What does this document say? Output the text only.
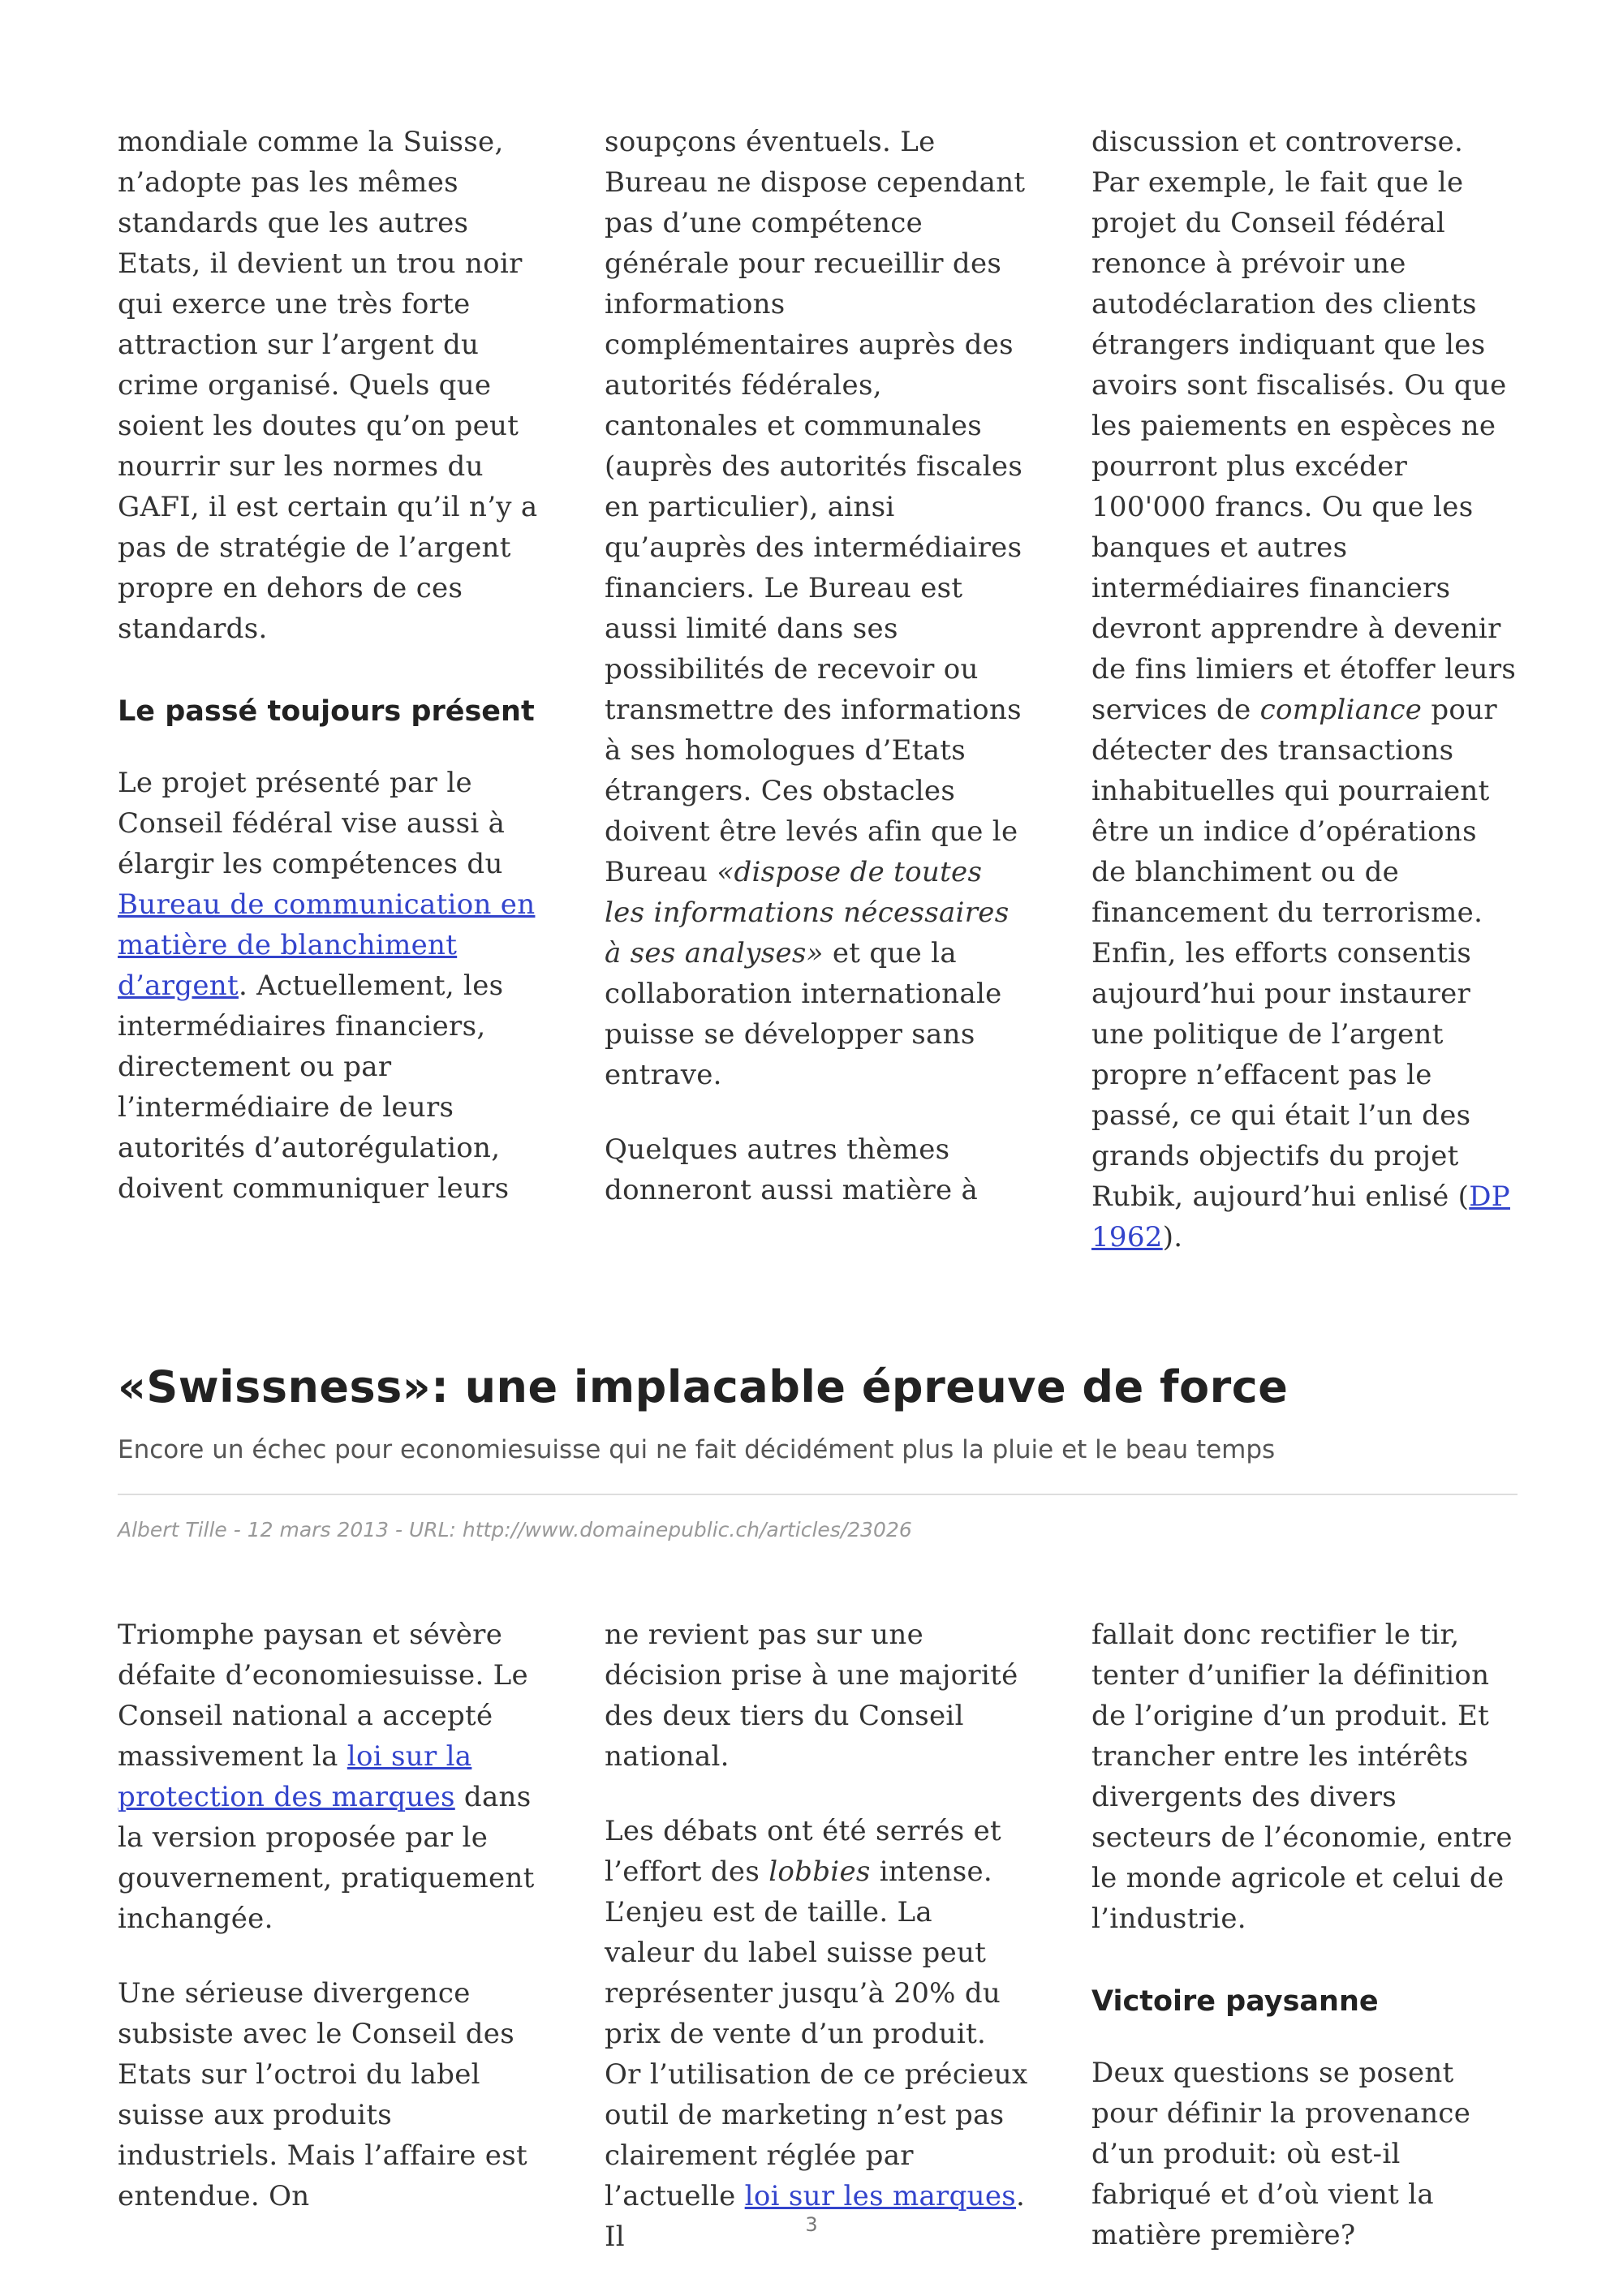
mondiale comme la Suisse, n’adopte pas les mêmes standards que les autres Etats, il devient un trou noir qui exerce une très forte attraction sur l’argent du crime organisé. Quels que soient les doutes qu’on peut nourrir sur les normes du GAFI, il est certain qu’il n’y a pas de stratégie de l’argent propre en dehors de ces standards.

Le passé toujours présent

Le projet présenté par le Conseil fédéral vise aussi à élargir les compétences du Bureau de communication en matière de blanchiment d’argent. Actuellement, les intermédiaires financiers, directement ou par l’intermédiaire de leurs autorités d’autorégulation, doivent communiquer leurs

soupçons éventuels. Le Bureau ne dispose cependant pas d’une compétence générale pour recueillir des informations complémentaires auprès des autorités fédérales, cantonales et communales (auprès des autorités fiscales en particulier), ainsi qu’auprès des intermédiaires financiers. Le Bureau est aussi limité dans ses possibilités de recevoir ou transmettre des informations à ses homologues d’Etats étrangers. Ces obstacles doivent être levés afin que le Bureau «dispose de toutes les informations nécessaires à ses analyses» et que la collaboration internationale puisse se développer sans entrave.

Quelques autres thèmes donneront aussi matière à

discussion et controverse. Par exemple, le fait que le projet du Conseil fédéral renonce à prévoir une autodéclaration des clients étrangers indiquant que les avoirs sont fiscalisés. Ou que les paiements en espèces ne pourront plus excéder 100'000 francs. Ou que les banques et autres intermédiaires financiers devront apprendre à devenir de fins limiers et étoffer leurs services de compliance pour détecter des transactions inhabituelles qui pourraient être un indice d’opérations de blanchiment ou de financement du terrorisme. Enfin, les efforts consentis aujourd’hui pour instaurer une politique de l’argent propre n’effacent pas le passé, ce qui était l’un des grands objectifs du projet Rubik, aujourd’hui enlisé (DP 1962).

«Swissness»: une implacable épreuve de force

Encore un échec pour economiesuisse qui ne fait décidément plus la pluie et le beau temps

Albert Tille - 12 mars 2013 - URL: http://www.domainepublic.ch/articles/23026

Triomphe paysan et sévère défaite d’economiesuisse. Le Conseil national a accepté massivement la loi sur la protection des marques dans la version proposée par le gouvernement, pratiquement inchangée.

Une sérieuse divergence subsiste avec le Conseil des Etats sur l’octroi du label suisse aux produits industriels. Mais l’affaire est entendue. On

ne revient pas sur une décision prise à une majorité des deux tiers du Conseil national.

Les débats ont été serrés et l’effort des lobbies intense. L’enjeu est de taille. La valeur du label suisse peut représenter jusqu’à 20% du prix de vente d’un produit. Or l’utilisation de ce précieux outil de marketing n’est pas clairement réglée par l’actuelle loi sur les marques. Il

fallait donc rectifier le tir, tenter d’unifier la définition de l’origine d’un produit. Et trancher entre les intérêts divergents des divers secteurs de l’économie, entre le monde agricole et celui de l’industrie.

Victoire paysanne

Deux questions se posent pour définir la provenance d’un produit: où est-il fabriqué et d’où vient la matière première?

3
